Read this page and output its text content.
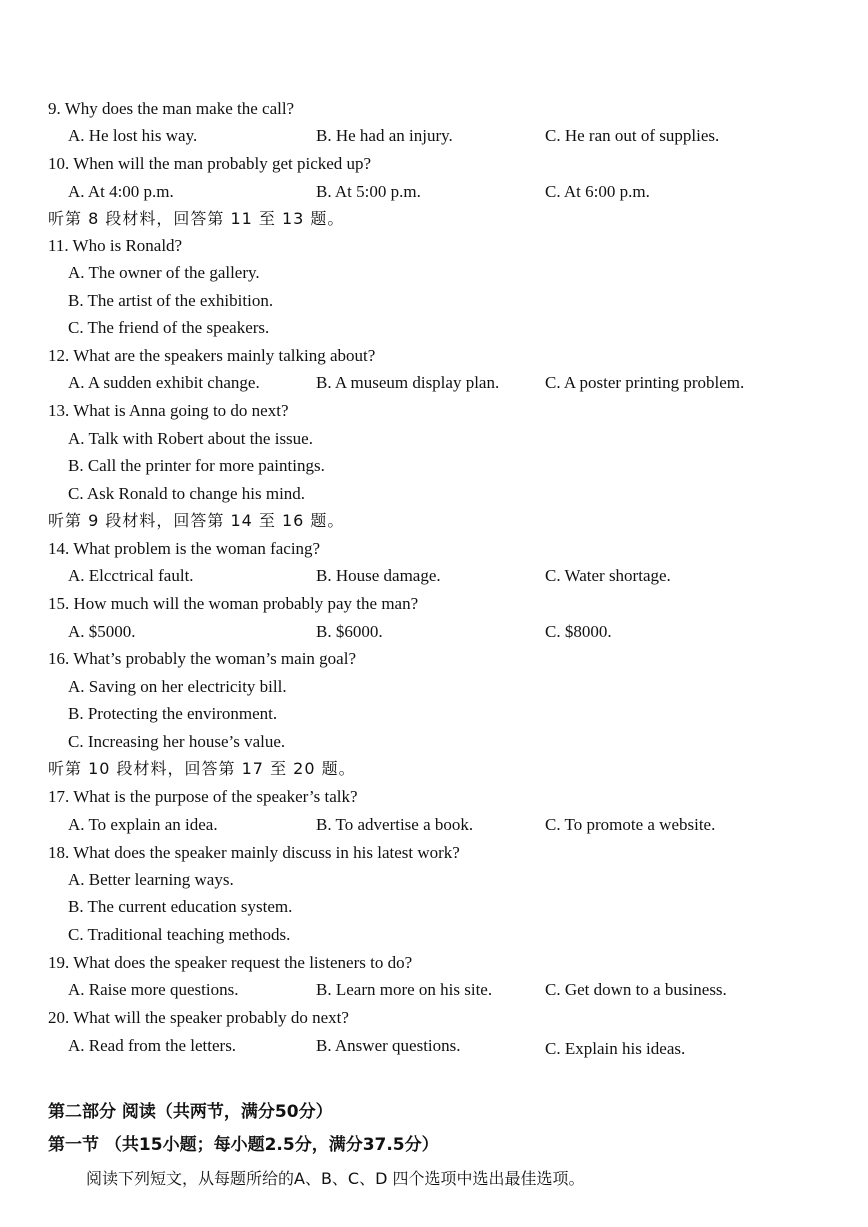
9. Why does the man make the call?
A. He lost his way.	B. He had an injury.	C. He ran out of supplies.
10. When will the man probably get picked up?
A. At 4:00 p.m.	B. At 5:00 p.m.	C. At 6:00 p.m.
听第 8 段材料，回答第 11 至 13 题。
11. Who is Ronald?
A. The owner of the gallery.
B. The artist of the exhibition.
C. The friend of the speakers.
12. What are the speakers mainly talking about?
A. A sudden exhibit change.	B. A museum display plan.	C. A poster printing problem.
13. What is Anna going to do next?
A. Talk with Robert about the issue.
B. Call the printer for more paintings.
C. Ask Ronald to change his mind.
听第 9 段材料，回答第 14 至 16 题。
14. What problem is the woman facing?
A. Elcctrical fault.	B. House damage.	C. Water shortage.
15. How much will the woman probably pay the man?
A. $5000.	B. $6000.	C. $8000.
16. What’s probably the woman’s main goal?
A. Saving on her electricity bill.
B. Protecting the environment.
C. Increasing her house’s value.
听第 10 段材料，回答第 17 至 20 题。
17. What is the purpose of the speaker’s talk?
A. To explain an idea.	B. To advertise a book.	C. To promote a website.
18. What does the speaker mainly discuss in his latest work?
A. Better learning ways.
B. The current education system.
C. Traditional teaching methods.
19. What does the speaker request the listeners to do?
A. Raise more questions.	B. Learn more on his site.	C. Get down to a business.
20. What will the speaker probably do next?
A. Read from the letters.	B. Answer questions.	C. Explain his ideas.
第二部分 阅读（共两节，满分50分）
第一节 （共15小题；每小题2.5分，满分37.5分）
阅读下列短文，从每题所给的A、B、C、D 四个选项中选出最佳选项。
